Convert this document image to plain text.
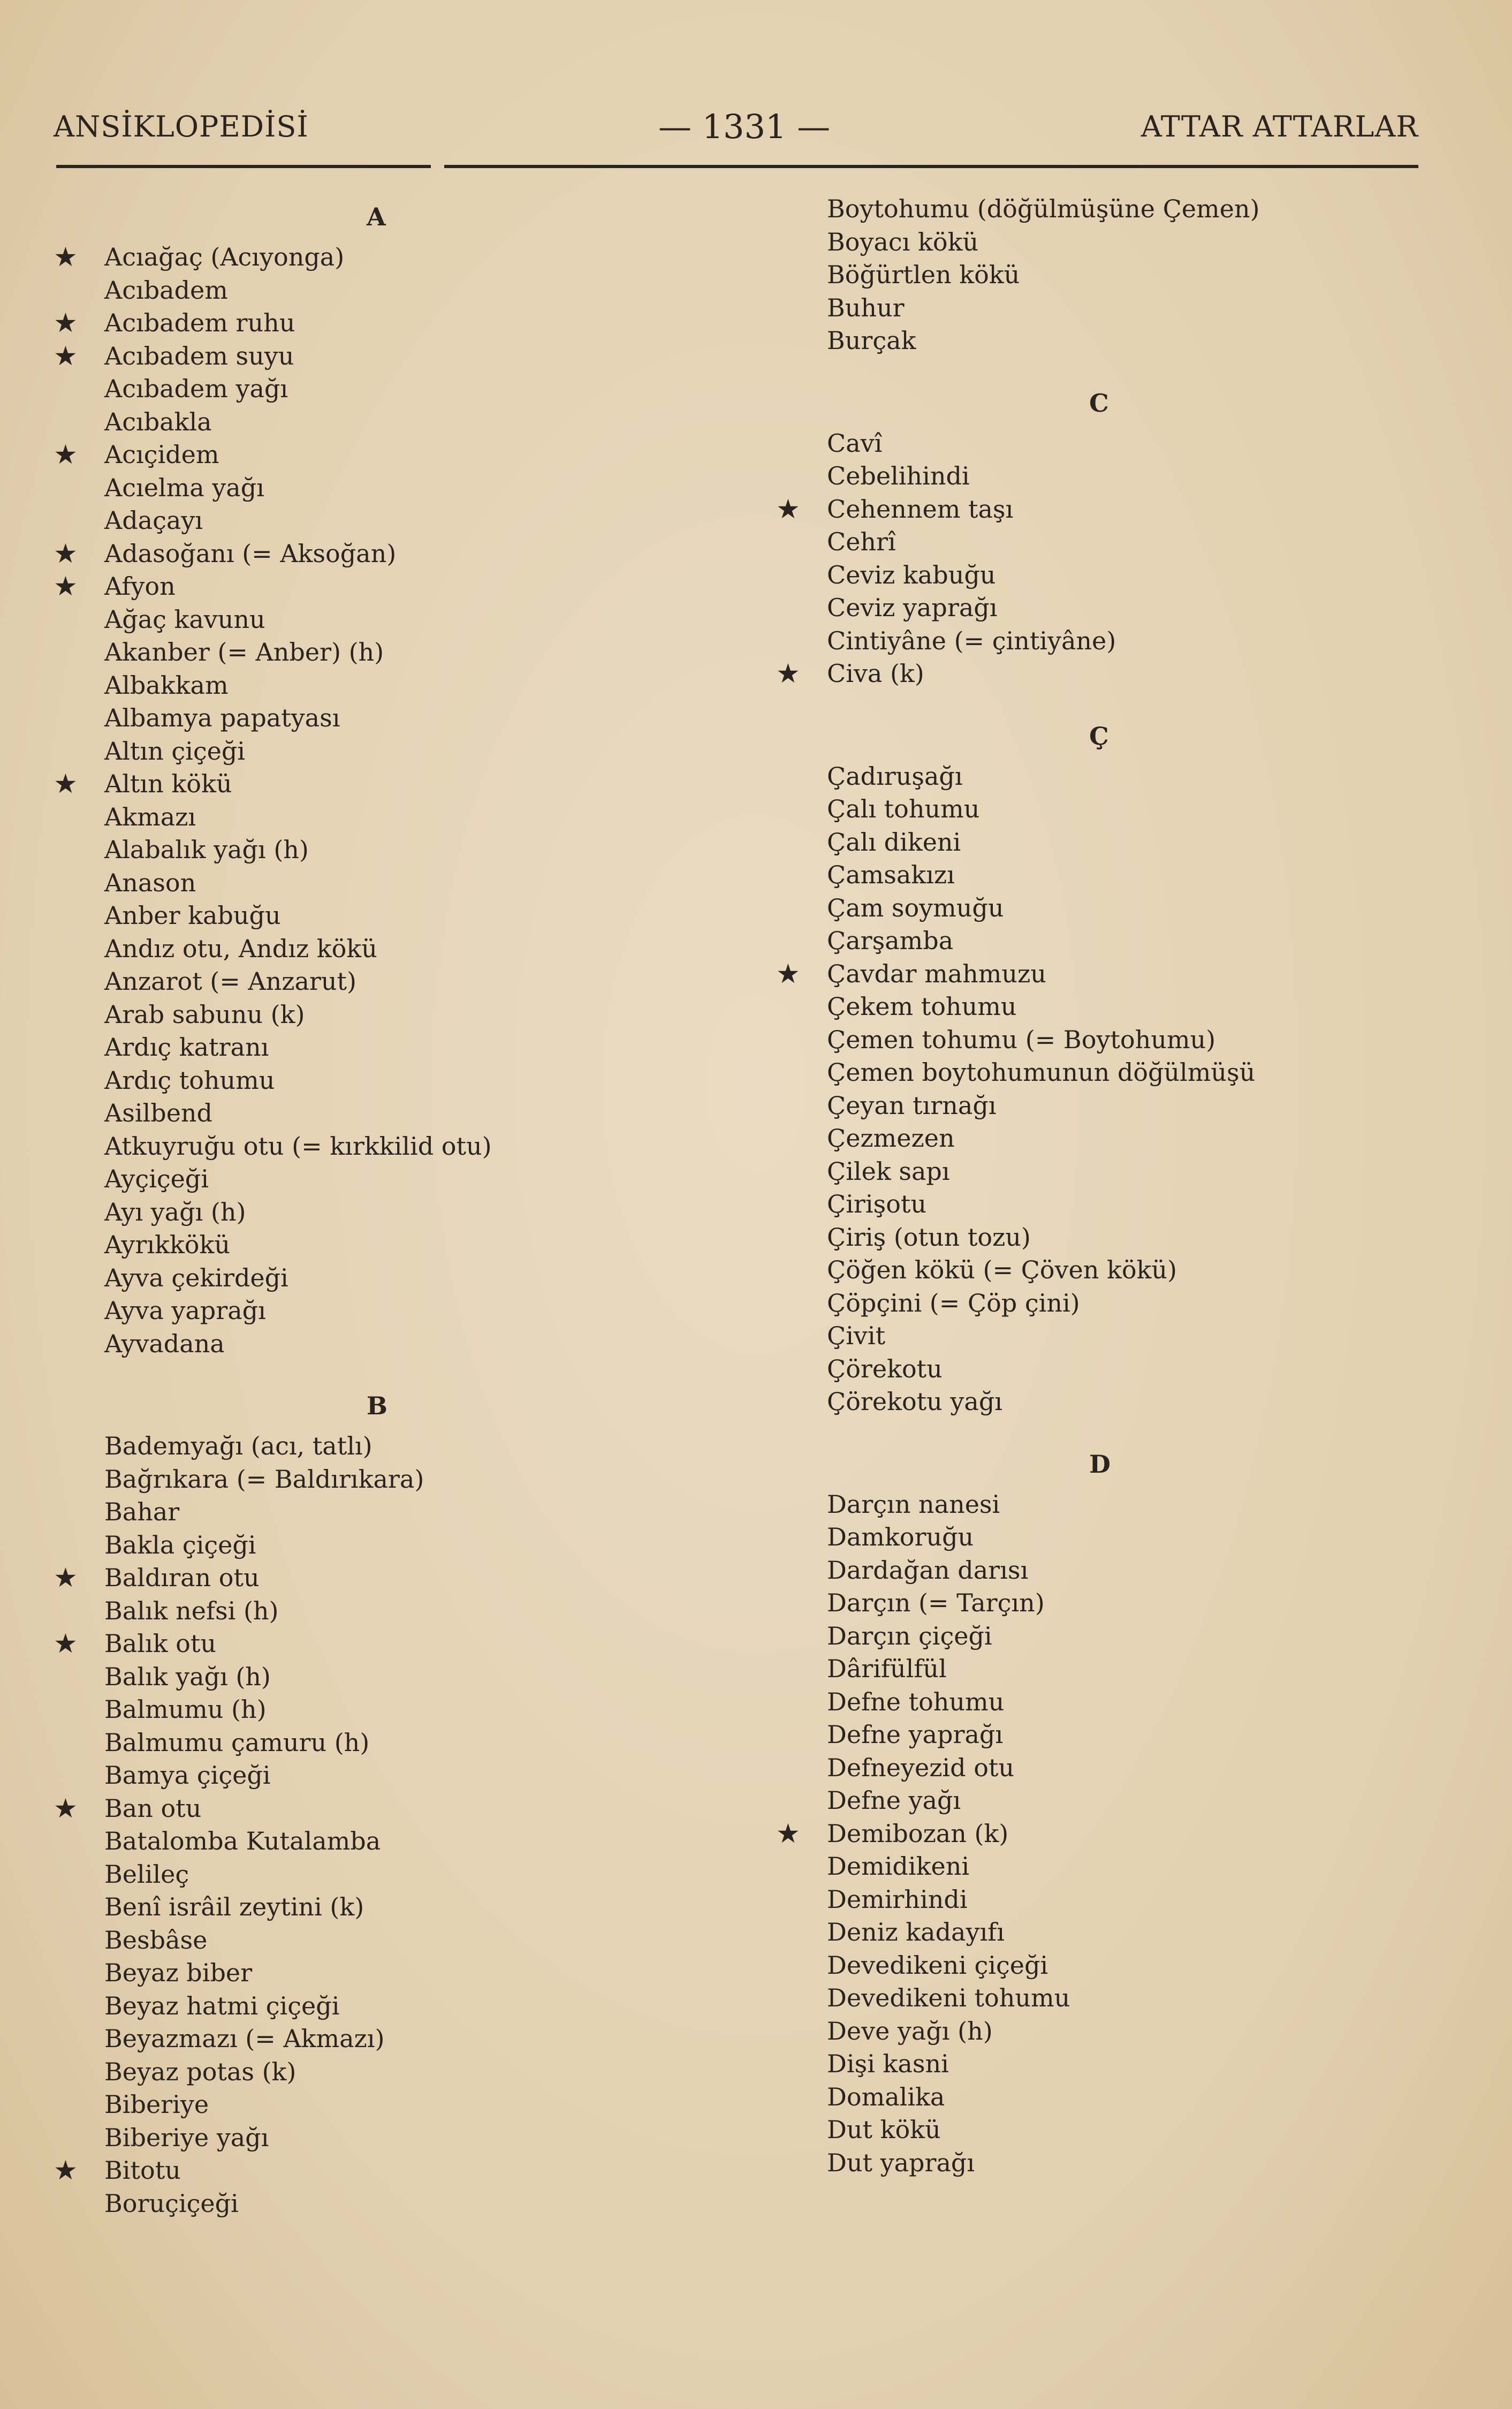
ANSİKLOPEDİSİ	— 1331 —	ATTAR ATTARLAR
A
★	Acıağaç (Acıyonga)
Acıbadem
★	Acıbadem ruhu
★	Acıbadem suyu
Acıbadem yağı
Acıbakla
★	Acıçidem
Acıelma yağı
Adaçayı
★	Adasoğanı (= Aksoğan)
★	Afyon
Ağaç kavunu
Akanber (= Anber) (h)
Albakkam
Albamya papatyası
Altın çiçeği
★	Altın kökü
Akmazı
Alabalık yağı (h)
Anason
Anber kabuğu
Andız otu, Andız kökü
Anzarot (= Anzarut)
Arab sabunu (k)
Ardıç katranı
Ardıç tohumu
Asilbend
Atkuyruğu otu (= kırkkilid otu)
Ayçiçeği
Ayı yağı (h)
Ayrıkkökü
Ayva çekirdeği
Ayva yaprağı
Ayvadana
B
Bademyağı (acı, tatlı)
Bağrıkara (= Baldırıkara)
Bahar
Bakla çiçeği
★	Baldıran otu
Balık nefsi (h)
★	Balık otu
Balık yağı (h)
Balmumu (h)
Balmumu çamuru (h)
Bamya çiçeği
★	Ban otu
Batalomba Kutalamba
Belileç
Benî isrâil zeytini (k)
Besbâse
Beyaz biber
Beyaz hatmi çiçeği
Beyazmazı (= Akmazı)
Beyaz potas (k)
Biberiye
Biberiye yağı
★	Bitotu
Boruçiçeği
Boytohumu (döğülmüşüne Çemen)
Boyacı kökü
Böğürtlen kökü
Buhur
Burçak
C
Cavî
Cebelihindi
★	Cehennem taşı
Cehrî
Ceviz kabuğu
Ceviz yaprağı
Cintiyâne (= çintiyâne)
★	Civa (k)
Ç
Çadıruşağı
Çalı tohumu
Çalı dikeni
Çamsakızı
Çam soymuğu
Çarşamba
★	Çavdar mahmuzu
Çekem tohumu
Çemen tohumu (= Boytohumu)
Çemen boytohumunun döğülmüşü
Çeyan tırnağı
Çezmezen
Çilek sapı
Çirişotu
Çiriş (otun tozu)
Çöğen kökü (= Çöven kökü)
Çöpçini (= Çöp çini)
Çivit
Çörekotu
Çörekotu yağı
D
Darçın nanesi
Damkoruğu
Dardağan darısı
Darçın (= Tarçın)
Darçın çiçeği
Dârifülfül
Defne tohumu
Defne yaprağı
Defneyezid otu
Defne yağı
★	Demibozan (k)
Demidikeni
Demirhindi
Deniz kadayıfı
Devedikeni çiçeği
Devedikeni tohumu
Deve yağı (h)
Dişi kasni
Domalika
Dut kökü
Dut yaprağı
